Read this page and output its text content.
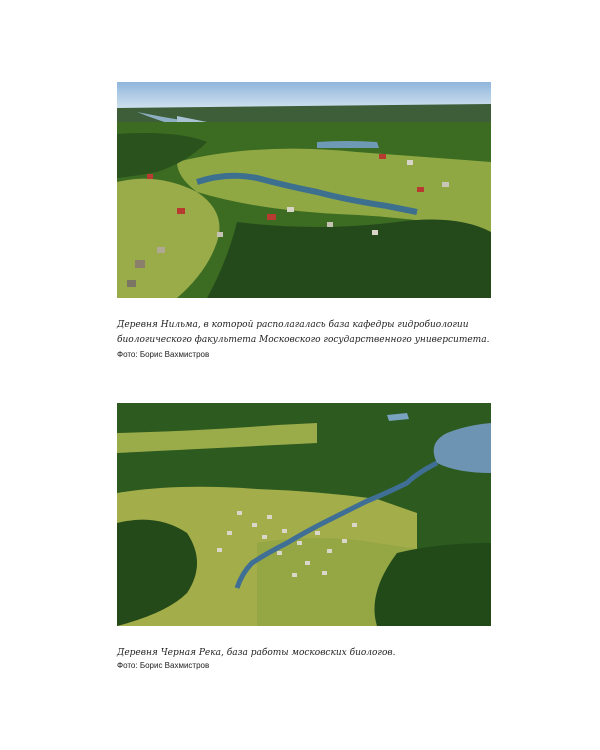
Деревня Нильма, в которой располагалась база кафедры гидробиологии биологического факультета Московского государственного университета.

Фото: Борис Вахмистров

Деревня Черная Река, база работы московских биологов.

Фото: Борис Вахмистров
